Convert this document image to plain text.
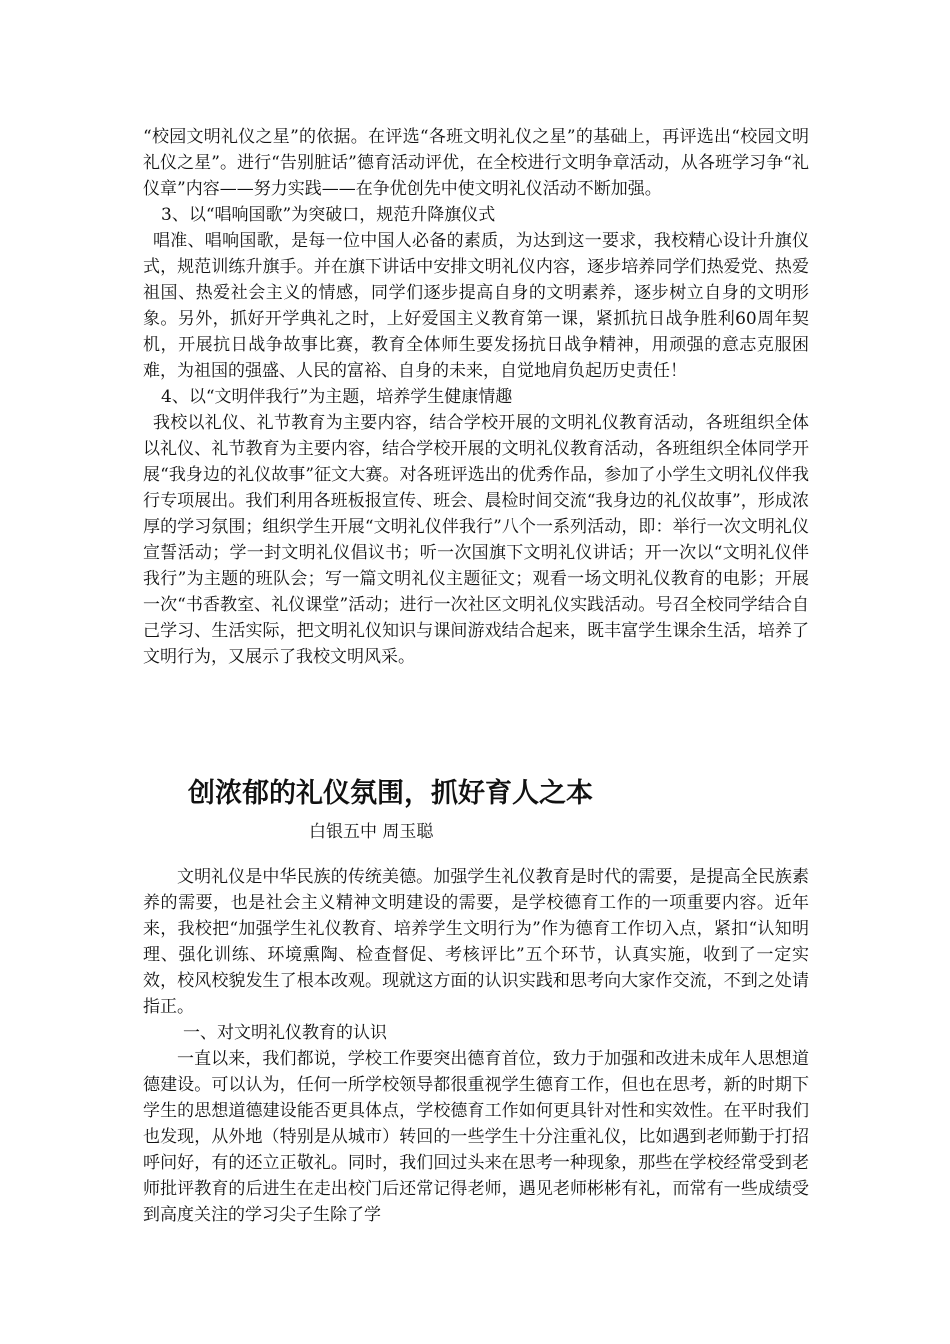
“校园文明礼仪之星”的依据。在评选“各班文明礼仪之星”的基础上，再评选出“校园文明礼仪之星”。进行“告别脏话”德育活动评优，在全校进行文明争章活动，从各班学习争“礼仪章”内容——努力实践——在争优创先中使文明礼仪活动不断加强。

3、以“唱响国歌”为突破口，规范升降旗仪式

唱准、唱响国歌，是每一位中国人必备的素质，为达到这一要求，我校精心设计升旗仪式，规范训练升旗手。并在旗下讲话中安排文明礼仪内容，逐步培养同学们热爱党、热爱祖国、热爱社会主义的情感，同学们逐步提高自身的文明素养，逐步树立自身的文明形象。另外，抓好开学典礼之时，上好爱国主义教育第一课，紧抓抗日战争胜利60周年契机，开展抗日战争故事比赛，教育全体师生要发扬抗日战争精神，用顽强的意志克服困难，为祖国的强盛、人民的富裕、自身的未来，自觉地肩负起历史责任！

4、以“文明伴我行”为主题，培养学生健康情趣

我校以礼仪、礼节教育为主要内容，结合学校开展的文明礼仪教育活动，各班组织全体以礼仪、礼节教育为主要内容，结合学校开展的文明礼仪教育活动，各班组织全体同学开展“我身边的礼仪故事”征文大赛。对各班评选出的优秀作品，参加了小学生文明礼仪伴我行专项展出。我们利用各班板报宣传、班会、晨检时间交流“我身边的礼仪故事”，形成浓厚的学习氛围；组织学生开展“文明礼仪伴我行”八个一系列活动，即：举行一次文明礼仪宣誓活动；学一封文明礼仪倡议书；听一次国旗下文明礼仪讲话；开一次以“文明礼仪伴我行”为主题的班队会；写一篇文明礼仪主题征文；观看一场文明礼仪教育的电影；开展一次“书香教室、礼仪课堂”活动；进行一次社区文明礼仪实践活动。号召全校同学结合自己学习、生活实际，把文明礼仪知识与课间游戏结合起来，既丰富学生课余生活，培养了文明行为，又展示了我校文明风采。

创浓郁的礼仪氛围，抓好育人之本

白银五中 周玉聪

文明礼仪是中华民族的传统美德。加强学生礼仪教育是时代的需要，是提高全民族素养的需要，也是社会主义精神文明建设的需要，是学校德育工作的一项重要内容。近年来，我校把“加强学生礼仪教育、培养学生文明行为”作为德育工作切入点，紧扣“认知明理、强化训练、环境熏陶、检查督促、考核评比”五个环节，认真实施，收到了一定实效，校风校貌发生了根本改观。现就这方面的认识实践和思考向大家作交流，不到之处请指正。

一、对文明礼仪教育的认识

一直以来，我们都说，学校工作要突出德育首位，致力于加强和改进未成年人思想道德建设。可以认为，任何一所学校领导都很重视学生德育工作，但也在思考，新的时期下学生的思想道德建设能否更具体点，学校德育工作如何更具针对性和实效性。在平时我们也发现，从外地（特别是从城市）转回的一些学生十分注重礼仪，比如遇到老师勤于打招呼问好，有的还立正敬礼。同时，我们回过头来在思考一种现象，那些在学校经常受到老师批评教育的后进生在走出校门后还常记得老师，遇见老师彬彬有礼，而常有一些成绩受到高度关注的学习尖子生除了学
